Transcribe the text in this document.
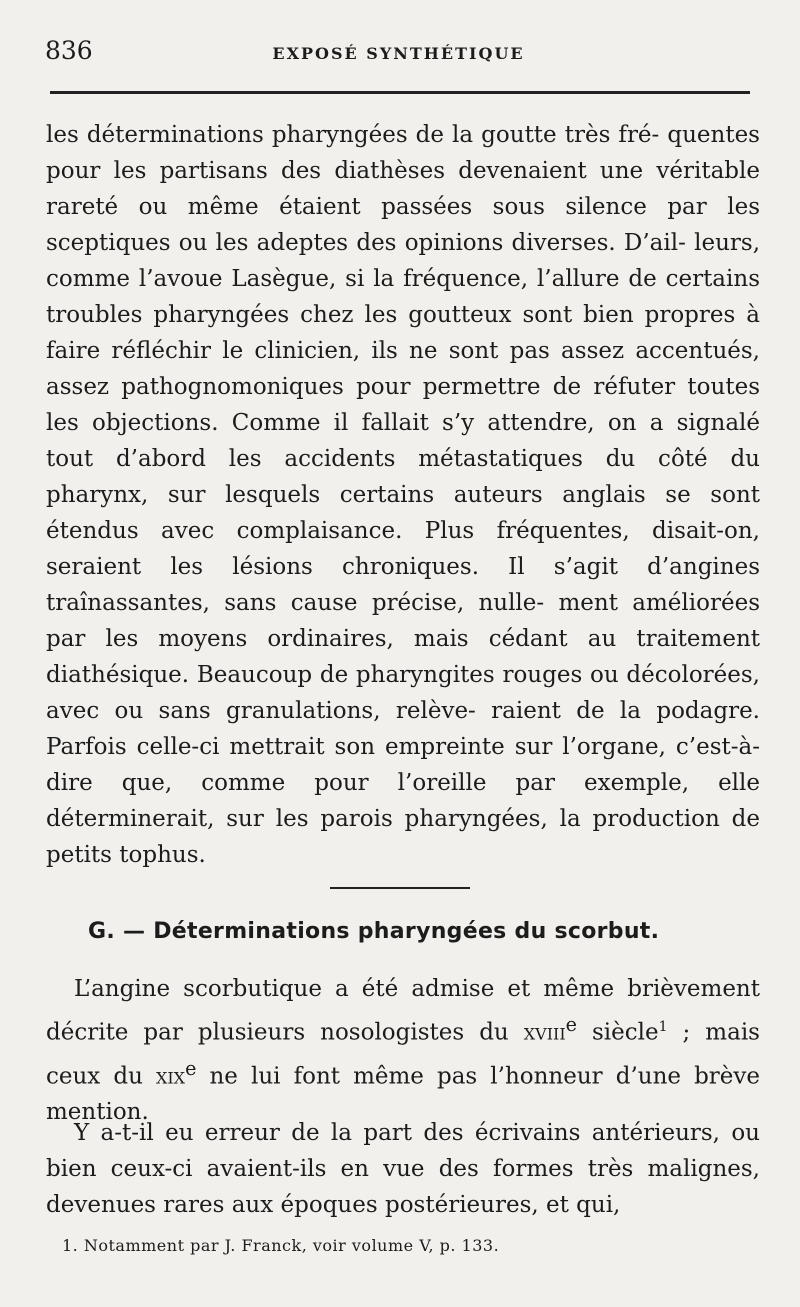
836	EXPOSÉ SYNTHÉTIQUE

les déterminations pharyngées de la goutte très fré- quentes pour les partisans des diathèses devenaient une véritable rareté ou même étaient passées sous silence par les sceptiques ou les adeptes des opinions diverses. D’ail- leurs, comme l’avoue Lasègue, si la fréquence, l’allure de certains troubles pharyngées chez les goutteux sont bien propres à faire réfléchir le clinicien, ils ne sont pas assez accentués, assez pathognomoniques pour permettre de réfuter toutes les objections. Comme il fallait s’y attendre, on a signalé tout d’abord les accidents métastatiques du côté du pharynx, sur lesquels certains auteurs anglais se sont étendus avec complaisance. Plus fréquentes, disait-on, seraient les lésions chroniques. Il s’agit d’angines traînassantes, sans cause précise, nulle- ment améliorées par les moyens ordinaires, mais cédant au traitement diathésique. Beaucoup de pharyngites rouges ou décolorées, avec ou sans granulations, relève- raient de la podagre. Parfois celle-ci mettrait son empreinte sur l’organe, c’est-à-dire que, comme pour l’oreille par exemple, elle déterminerait, sur les parois pharyngées, la production de petits tophus.

G. — Déterminations pharyngées du scorbut.

L’angine scorbutique a été admise et même brièvement décrite par plusieurs nosologistes du xviii$^e$ siècle$^1$ ; mais ceux du xix$^e$ ne lui font même pas l’honneur d’une brève mention.

Y a-t-il eu erreur de la part des écrivains antérieurs, ou bien ceux-ci avaient-ils en vue des formes très malignes, devenues rares aux époques postérieures, et qui,

1. Notamment par J. Franck, voir volume V, p. 133.
